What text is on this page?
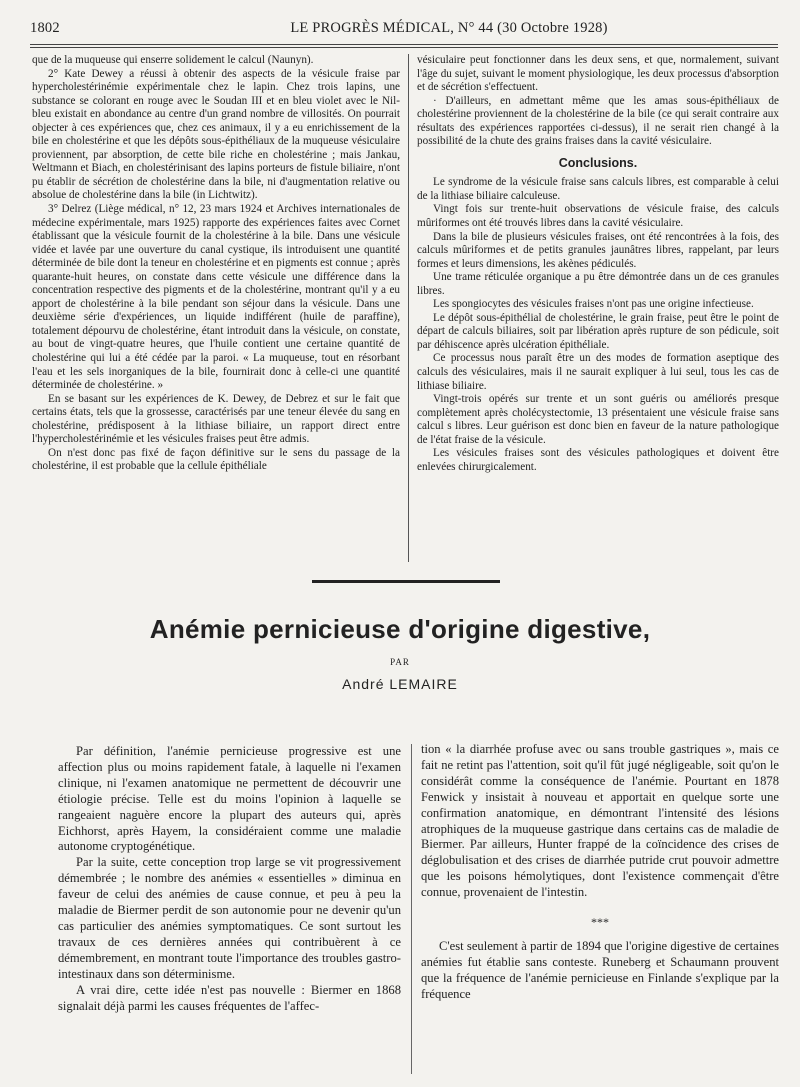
1802	LE PROGRÈS MÉDICAL, N° 44 (30 Octobre 1928)

que de la muqueuse qui enserre solidement le calcul (Naunyn).

2° Kate Dewey a réussi à obtenir des aspects de la vésicule fraise par hypercholestérinémie expérimentale chez le lapin. Chez trois lapins, une substance se colorant en rouge avec le Soudan III et en bleu violet avec le Nil-bleu existait en abondance au centre d'un grand nombre de villosités. On pourrait objecter à ces expériences que, chez ces animaux, il y a eu enrichissement de la bile en cholestérine et que les dépôts sous-épithéliaux de la muqueuse vésiculaire proviennent, par absorption, de cette bile riche en cholestérine ; mais Jankau, Weltmann et Biach, en cholestérinisant des lapins porteurs de fistule biliaire, n'ont pu établir de sécrétion de cholestérine dans la bile, ni d'augmentation relative ou absolue de cholestérine dans la bile (in Lichtwitz).

3° Delrez (Liège médical, n° 12, 23 mars 1924 et Archives internationales de médecine expérimentale, mars 1925) rapporte des expériences faites avec Cornet établissant que la vésicule fournit de la cholestérine à la bile. Dans une vésicule vidée et lavée par une ouverture du canal cystique, ils introduisent une quantité déterminée de bile dont la teneur en cholestérine et en pigments est connue ; après quarante-huit heures, on constate dans cette vésicule une différence dans la concentration respective des pigments et de la cholestérine, montrant qu'il y a eu apport de cholestérine à la bile pendant son séjour dans la vésicule. Dans une deuxième série d'expériences, un liquide indifférent (huile de paraffine), totalement dépourvu de cholestérine, étant introduit dans la vésicule, on constate, au bout de vingt-quatre heures, que l'huile contient une certaine quantité de cholestérine qui lui a été cédée par la paroi. « La muqueuse, tout en résorbant l'eau et les sels inorganiques de la bile, fournirait donc à celle-ci une quantité déterminée de cholestérine. »

En se basant sur les expériences de K. Dewey, de Debrez et sur le fait que certains états, tels que la grossesse, caractérisés par une teneur élevée du sang en cholestérine, prédisposent à la lithiase biliaire, un rapport direct entre l'hypercholestérinémie et les vésicules fraises peut être admis.

On n'est donc pas fixé de façon définitive sur le sens du passage de la cholestérine, il est probable que la cellule épithéliale

vésiculaire peut fonctionner dans les deux sens, et que, normalement, suivant l'âge du sujet, suivant le moment physiologique, les deux processus d'absorption et de sécrétion s'effectuent.

· D'ailleurs, en admettant même que les amas sous-épithéliaux de cholestérine proviennent de la cholestérine de la bile (ce qui serait contraire aux résultats des expériences rapportées ci-dessus), il ne serait rien changé à la possibilité de la chute des grains fraises dans la cavité vésiculaire.

Conclusions.

Le syndrome de la vésicule fraise sans calculs libres, est comparable à celui de la lithiase biliaire calculeuse.

Vingt fois sur trente-huit observations de vésicule fraise, des calculs mûriformes ont été trouvés libres dans la cavité vésiculaire.

Dans la bile de plusieurs vésicules fraises, ont été rencontrées à la fois, des calculs mûriformes et de petits granules jaunâtres libres, rappelant, par leurs formes et leurs dimensions, les akènes pédiculés.

Une trame réticulée organique a pu être démontrée dans un de ces granules libres.

Les spongiocytes des vésicules fraises n'ont pas une origine infectieuse.

Le dépôt sous-épithélial de cholestérine, le grain fraise, peut être le point de départ de calculs biliaires, soit par libération après rupture de son pédicule, soit par déhiscence après ulcération épithéliale.

Ce processus nous paraît être un des modes de formation aseptique des calculs des vésiculaires, mais il ne saurait expliquer à lui seul, tous les cas de lithiase biliaire.

Vingt-trois opérés sur trente et un sont guéris ou améliorés presque complètement après cholécystectomie, 13 présentaient une vésicule fraise sans calcul s libres. Leur guérison est donc bien en faveur de la nature pathologique de l'état fraise de la vésicule.

Les vésicules fraises sont des vésicules pathologiques et doivent être enlevées chirurgicalement.

Anémie pernicieuse d'origine digestive,
PAR
André LEMAIRE

Par définition, l'anémie pernicieuse progressive est une affection plus ou moins rapidement fatale, à laquelle ni l'examen clinique, ni l'examen anatomique ne permettent de découvrir une étiologie précise. Telle est du moins l'opinion à laquelle se rangeaient naguère encore la plupart des auteurs qui, après Eichhorst, après Hayem, la considéraient comme une maladie autonome cryptogénétique.

Par la suite, cette conception trop large se vit progressivement démembrée ; le nombre des anémies « essentielles » diminua en faveur de celui des anémies de cause connue, et peu à peu la maladie de Biermer perdit de son autonomie pour ne devenir qu'un cas particulier des anémies symptomatiques. Ce sont surtout les travaux de ces dernières années qui contribuèrent à ce démembrement, en montrant toute l'importance des troubles gastro-intestinaux dans son déterminisme.

A vrai dire, cette idée n'est pas nouvelle : Biermer en 1868 signalait déjà parmi les causes fréquentes de l'affec-

tion « la diarrhée profuse avec ou sans trouble gastriques », mais ce fait ne retint pas l'attention, soit qu'il fût jugé négligeable, soit qu'on le considérât comme la conséquence de l'anémie. Pourtant en 1878 Fenwick y insistait à nouveau et apportait en quelque sorte une confirmation anatomique, en démontrant l'intensité des lésions atrophiques de la muqueuse gastrique dans certains cas de maladie de Biermer. Par ailleurs, Hunter frappé de la coïncidence des crises de déglobulisation et des crises de diarrhée putride crut pouvoir admettre que les poisons hémolytiques, dont l'existence commençait d'être connue, provenaient de l'intestin.

***

C'est seulement à partir de 1894 que l'origine digestive de certaines anémies fut établie sans conteste. Runeberg et Schaumann prouvent que la fréquence de l'anémie pernicieuse en Finlande s'explique par la fréquence
